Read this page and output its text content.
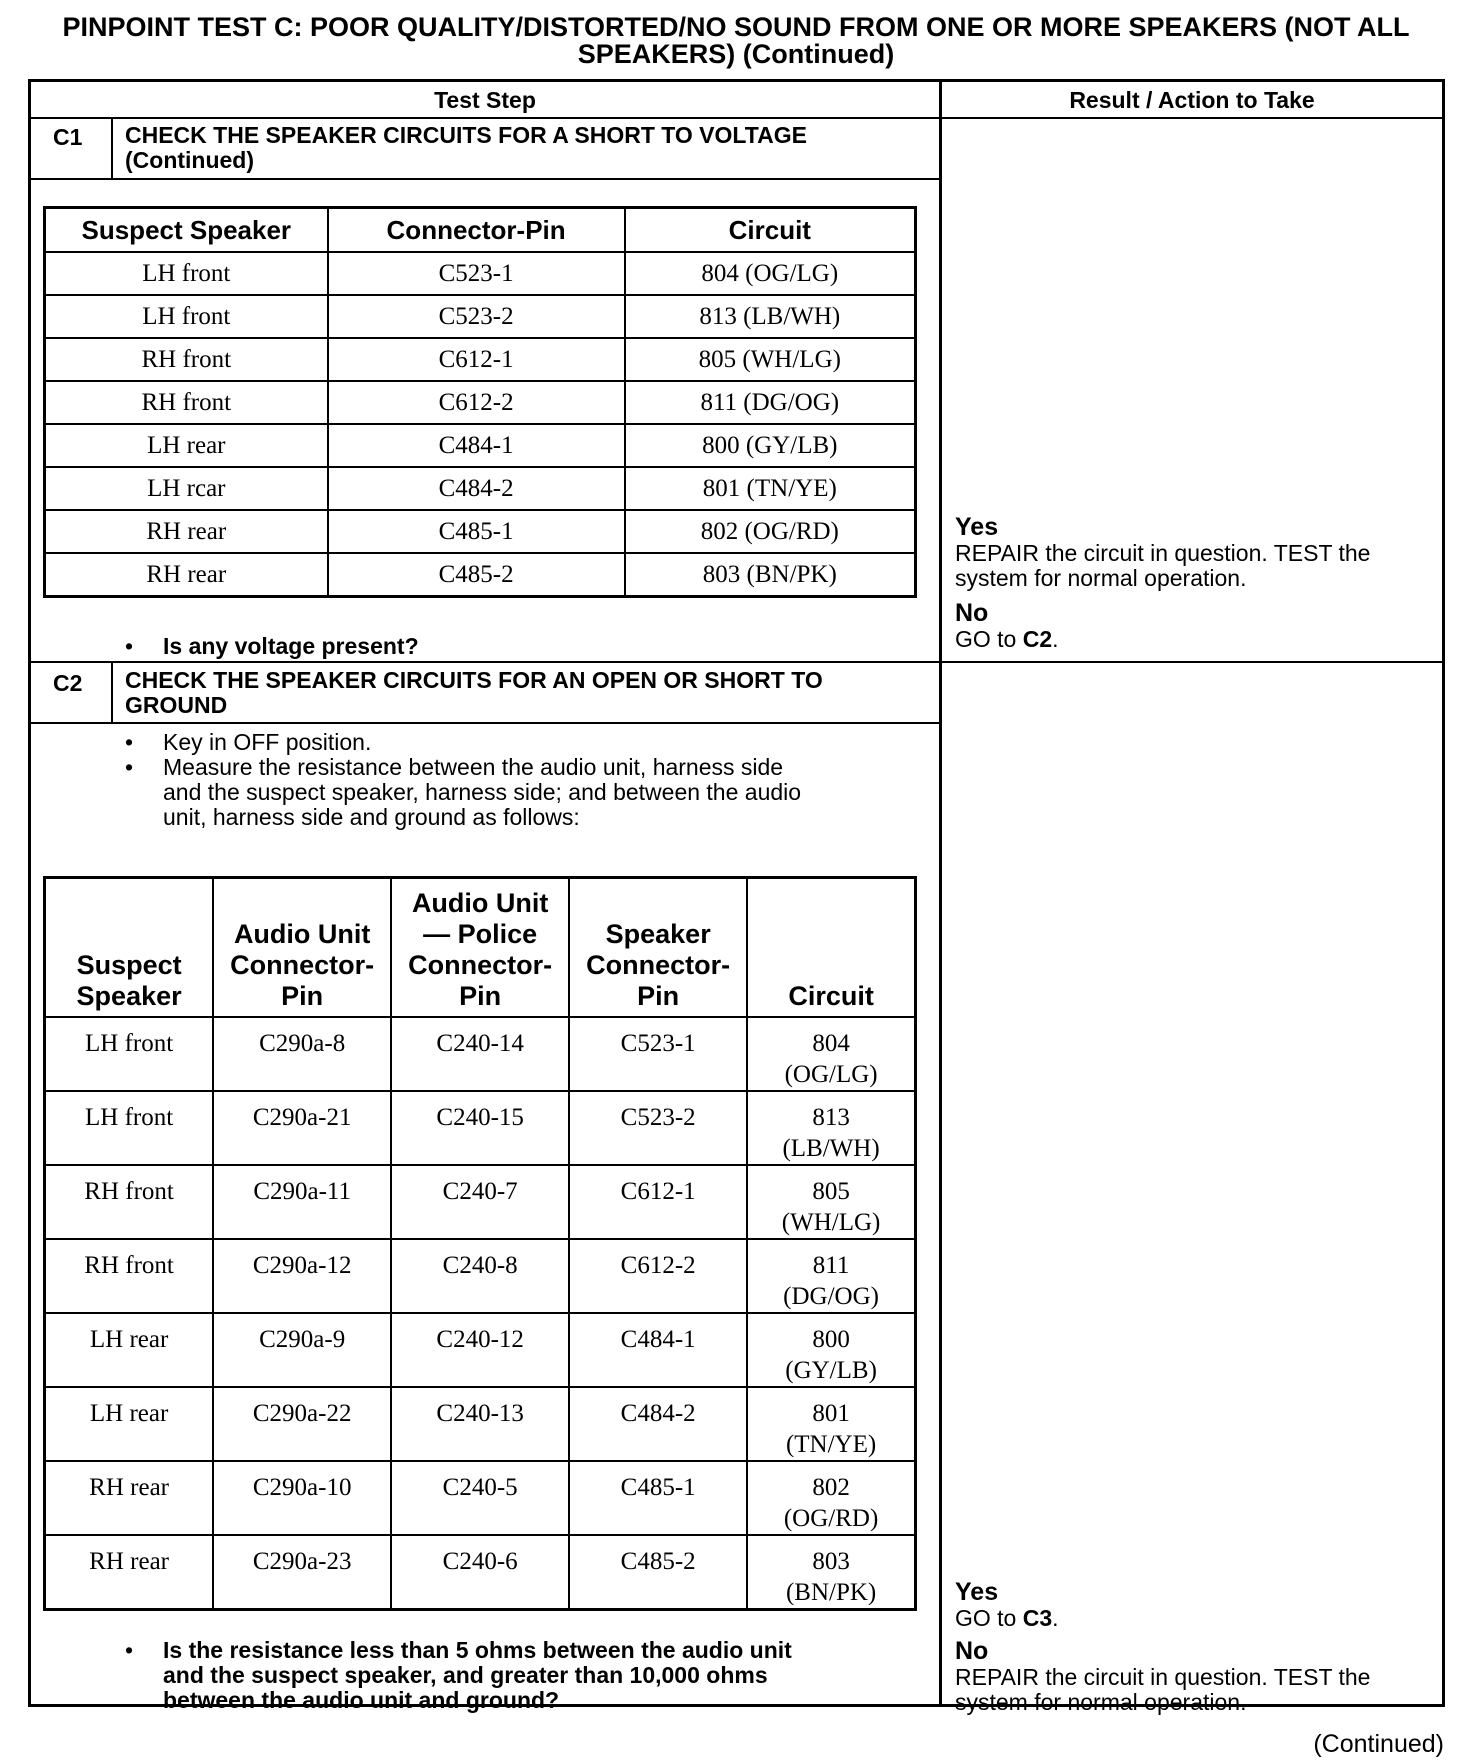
PINPOINT TEST C: POOR QUALITY/DISTORTED/NO SOUND FROM ONE OR MORE SPEAKERS (NOT ALL SPEAKERS) (Continued)
Test Step	Result / Action to Take
C1 CHECK THE SPEAKER CIRCUITS FOR A SHORT TO VOLTAGE (Continued)
Suspect Speaker	Connector-Pin	Circuit
LH front	C523-1	804 (OG/LG)
LH front	C523-2	813 (LB/WH)
RH front	C612-1	805 (WH/LG)
RH front	C612-2	811 (DG/OG)
LH rear	C484-1	800 (GY/LB)
LH rcar	C484-2	801 (TN/YE)
RH rear	C485-1	802 (OG/RD)
RH rear	C485-2	803 (BN/PK)
• Is any voltage present?
Yes
REPAIR the circuit in question. TEST the system for normal operation.
No
GO to C2.
C2 CHECK THE SPEAKER CIRCUITS FOR AN OPEN OR SHORT TO GROUND
• Key in OFF position.
• Measure the resistance between the audio unit, harness side
and the suspect speaker, harness side; and between the audio
unit, harness side and ground as follows:
Suspect
Speaker	Audio Unit
Connector-
Pin	Audio Unit
— Police
Connector-
Pin	Speaker
Connector-
Pin	Circuit
LH front	C290a-8	C240-14	C523-1	804
(OG/LG)
LH front	C290a-21	C240-15	C523-2	813
(LB/WH)
RH front	C290a-11	C240-7	C612-1	805
(WH/LG)
RH front	C290a-12	C240-8	C612-2	811
(DG/OG)
LH rear	C290a-9	C240-12	C484-1	800
(GY/LB)
LH rear	C290a-22	C240-13	C484-2	801
(TN/YE)
RH rear	C290a-10	C240-5	C485-1	802
(OG/RD)
RH rear	C290a-23	C240-6	C485-2	803
(BN/PK)
• Is the resistance less than 5 ohms between the audio unit
and the suspect speaker, and greater than 10,000 ohms
between the audio unit and ground?
Yes
GO to C3.
No
REPAIR the circuit in question. TEST the system for normal operation.
(Continued)
